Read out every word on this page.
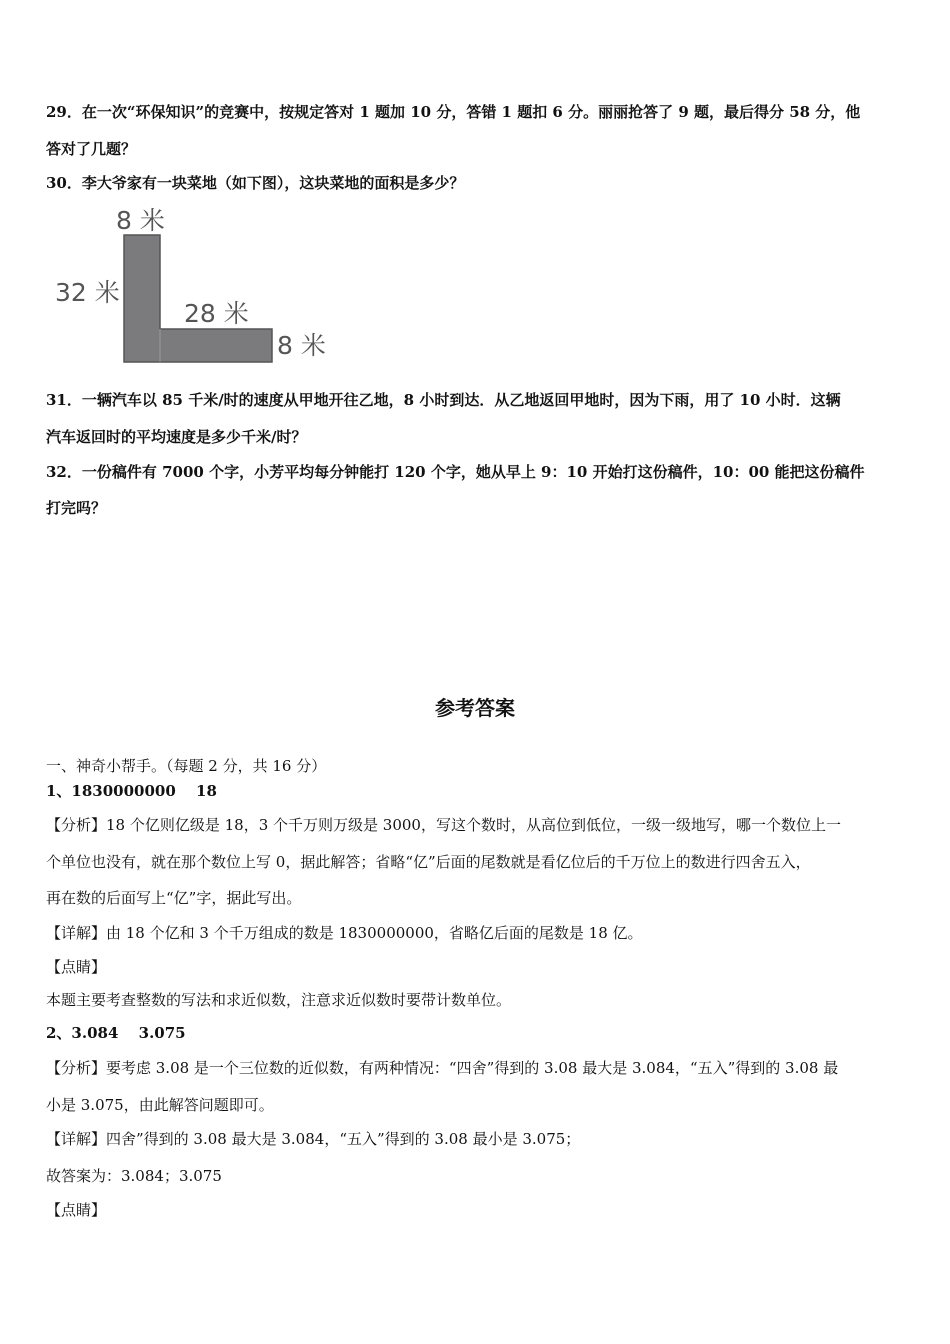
29．在一次“环保知识”的竞赛中，按规定答对 1 题加 10 分，答错 1 题扣 6 分。丽丽抢答了 9 题，最后得分 58 分，他
答对了几题？
30．李大爷家有一块菜地（如下图），这块菜地的面积是多少？
8 米
32 米
28 米
8 米
31．一辆汽车以 85 千米/时的速度从甲地开往乙地，8 小时到达．从乙地返回甲地时，因为下雨，用了 10 小时．这辆
汽车返回时的平均速度是多少千米/时？
32．一份稿件有 7000 个字，小芳平均每分钟能打 120 个字，她从早上 9：10 开始打这份稿件，10：00 能把这份稿件
打完吗？
参考答案
一、神奇小帮手。（每题 2 分，共 16 分）
1、1830000000　 18
【分析】18 个亿则亿级是 18，3 个千万则万级是 3000，写这个数时，从高位到低位，一级一级地写，哪一个数位上一
个单位也没有，就在那个数位上写 0，据此解答；省略“亿”后面的尾数就是看亿位后的千万位上的数进行四舍五入，
再在数的后面写上“亿”字，据此写出。
【详解】由 18 个亿和 3 个千万组成的数是 1830000000，省略亿后面的尾数是 18 亿。
【点睛】
本题主要考查整数的写法和求近似数，注意求近似数时要带计数单位。
2、3.084　 3.075
【分析】要考虑 3.08 是一个三位数的近似数，有两种情况：“四舍”得到的 3.08 最大是 3.084，“五入”得到的 3.08 最
小是 3.075，由此解答问题即可。
【详解】四舍”得到的 3.08 最大是 3.084，“五入”得到的 3.08 最小是 3.075；
故答案为：3.084；3.075
【点睛】
